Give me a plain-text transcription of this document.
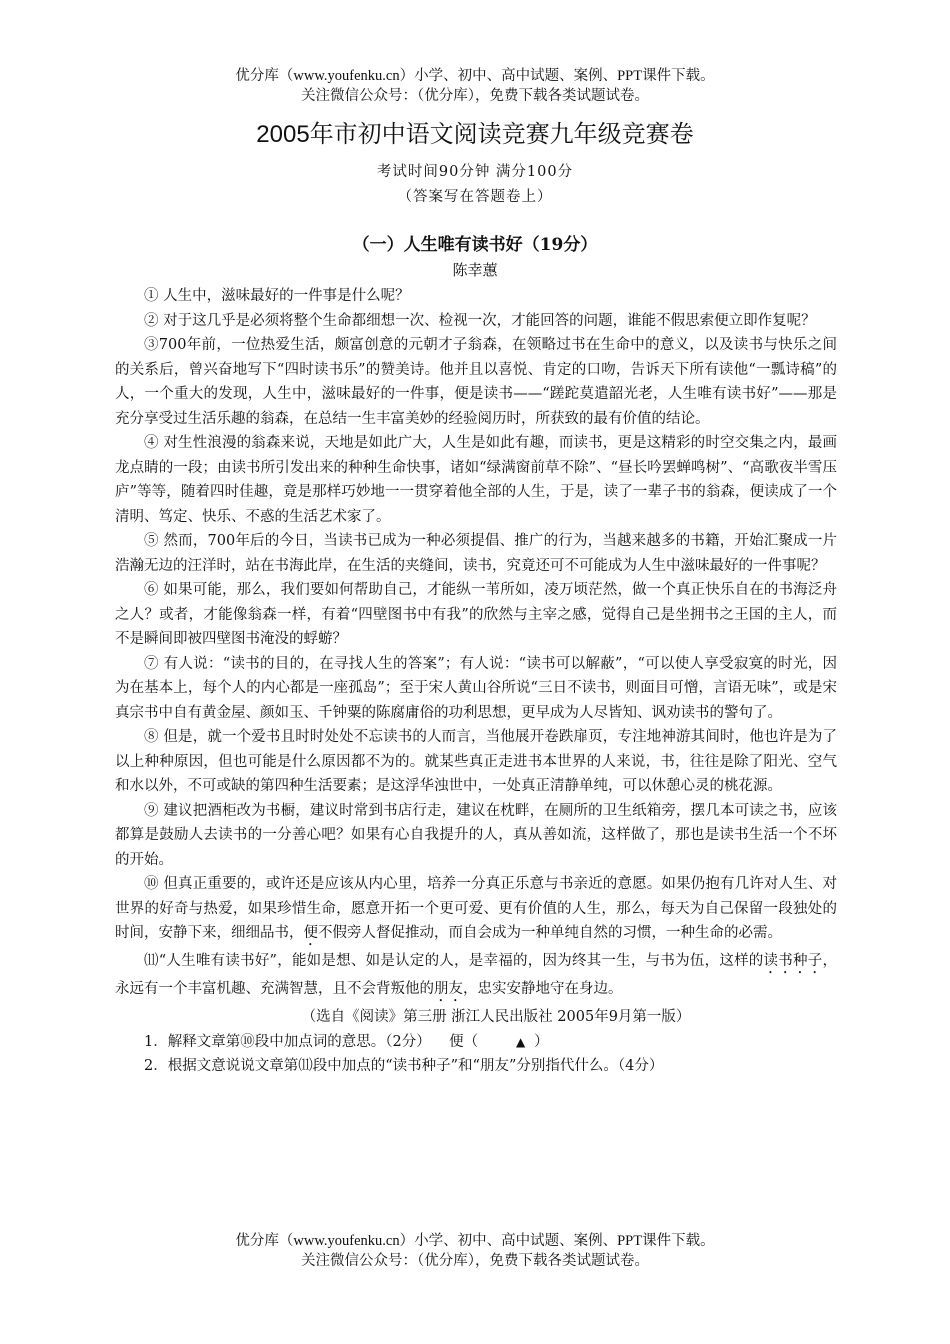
优分库（www.youfenku.cn）小学、初中、高中试题、案例、PPT课件下载。
关注微信公众号：（优分库），免费下载各类试题试卷。
2005年市初中语文阅读竞赛九年级竞赛卷
考试时间90分钟 满分100分
（答案写在答题卷上）
（一）人生唯有读书好（19分）
陈幸蕙

① 人生中，滋味最好的一件事是什么呢？

② 对于这几乎是必须将整个生命都细想一次、检视一次，才能回答的问题，谁能不假思索便立即作复呢？

③700年前，一位热爱生活，颇富创意的元朝才子翁森，在领略过书在生命中的意义，以及读书与快乐之间的关系后，曾兴奋地写下“四时读书乐”的赞美诗。他并且以喜悦、肯定的口吻，告诉天下所有读他“一瓢诗稿”的人，一个重大的发现，人生中，滋味最好的一件事，便是读书——“蹉跎莫遣韶光老，人生唯有读书好”——那是充分享受过生活乐趣的翁森，在总结一生丰富美妙的经验阅历时，所获致的最有价值的结论。

④ 对生性浪漫的翁森来说，天地是如此广大，人生是如此有趣，而读书，更是这精彩的时空交集之内，最画龙点睛的一段；由读书所引发出来的种种生命快事，诸如“绿满窗前草不除”、“昼长吟罢蝉鸣树”、“高歌夜半雪压庐”等等，随着四时佳趣，竟是那样巧妙地一一贯穿着他全部的人生，于是，读了一辈子书的翁森，便读成了一个清明、笃定、快乐、不惑的生活艺术家了。

⑤ 然而，700年后的今日，当读书已成为一种必须提倡、推广的行为，当越来越多的书籍，开始汇聚成一片浩瀚无边的汪洋时，站在书海此岸，在生活的夹缝间，读书，究竟还可不可能成为人生中滋味最好的一件事呢？

⑥ 如果可能，那么，我们要如何帮助自己，才能纵一苇所如，凌万顷茫然，做一个真正快乐自在的书海泛舟之人？或者，才能像翁森一样，有着“四壁图书中有我”的欣然与主宰之感，觉得自己是坐拥书之王国的主人，而不是瞬间即被四壁图书淹没的蜉蝣？

⑦ 有人说：“读书的目的，在寻找人生的答案”；有人说：“读书可以解蔽”，“可以使人享受寂寞的时光，因为在基本上，每个人的内心都是一座孤岛”；至于宋人黄山谷所说“三日不读书，则面目可憎，言语无味”，或是宋真宗书中自有黄金屋、颜如玉、千钟粟的陈腐庸俗的功利思想，更早成为人尽皆知、讽劝读书的警句了。

⑧ 但是，就一个爱书且时时处处不忘读书的人而言，当他展开卷跌扉页，专注地神游其间时，他也许是为了以上种种原因，但也可能是什么原因都不为的。就某些真正走进书本世界的人来说，书，往往是除了阳光、空气和水以外，不可或缺的第四种生活要素；是这浮华浊世中，一处真正清静单纯，可以休憩心灵的桃花源。

⑨ 建议把酒柜改为书橱，建议时常到书店行走，建议在枕畔，在厕所的卫生纸箱旁，摆几本可读之书，应该都算是鼓励人去读书的一分善心吧？如果有心自我提升的人，真从善如流，这样做了，那也是读书生活一个不坏的开始。

⑩ 但真正重要的，或许还是应该从内心里，培养一分真正乐意与书亲近的意愿。如果仍抱有几许对人生、对世界的好奇与热爱，如果珍惜生命，愿意开拓一个更可爱、更有价值的人生，那么，每天为自己保留一段独处的时间，安静下来，细细品书，便不假旁人督促推动，而自会成为一种单纯自然的习惯，一种生命的必需。

⑾“人生唯有读书好”，能如是想、如是认定的人，是幸福的，因为终其一生，与书为伍，这样的读书种子，永远有一个丰富机趣、充满智慧，且不会背叛他的朋友，忠实安静地守在身边。

（选自《阅读》第三册 浙江人民出版社 2005年9月第一版）

1．解释文章第⑩段中加点词的意思。（2分） 便（	▲ ）

2．根据文意说说文章第⑾段中加点的“读书种子”和“朋友”分别指代什么。（4分）

优分库（www.youfenku.cn）小学、初中、高中试题、案例、PPT课件下载。
关注微信公众号：（优分库），免费下载各类试题试卷。
